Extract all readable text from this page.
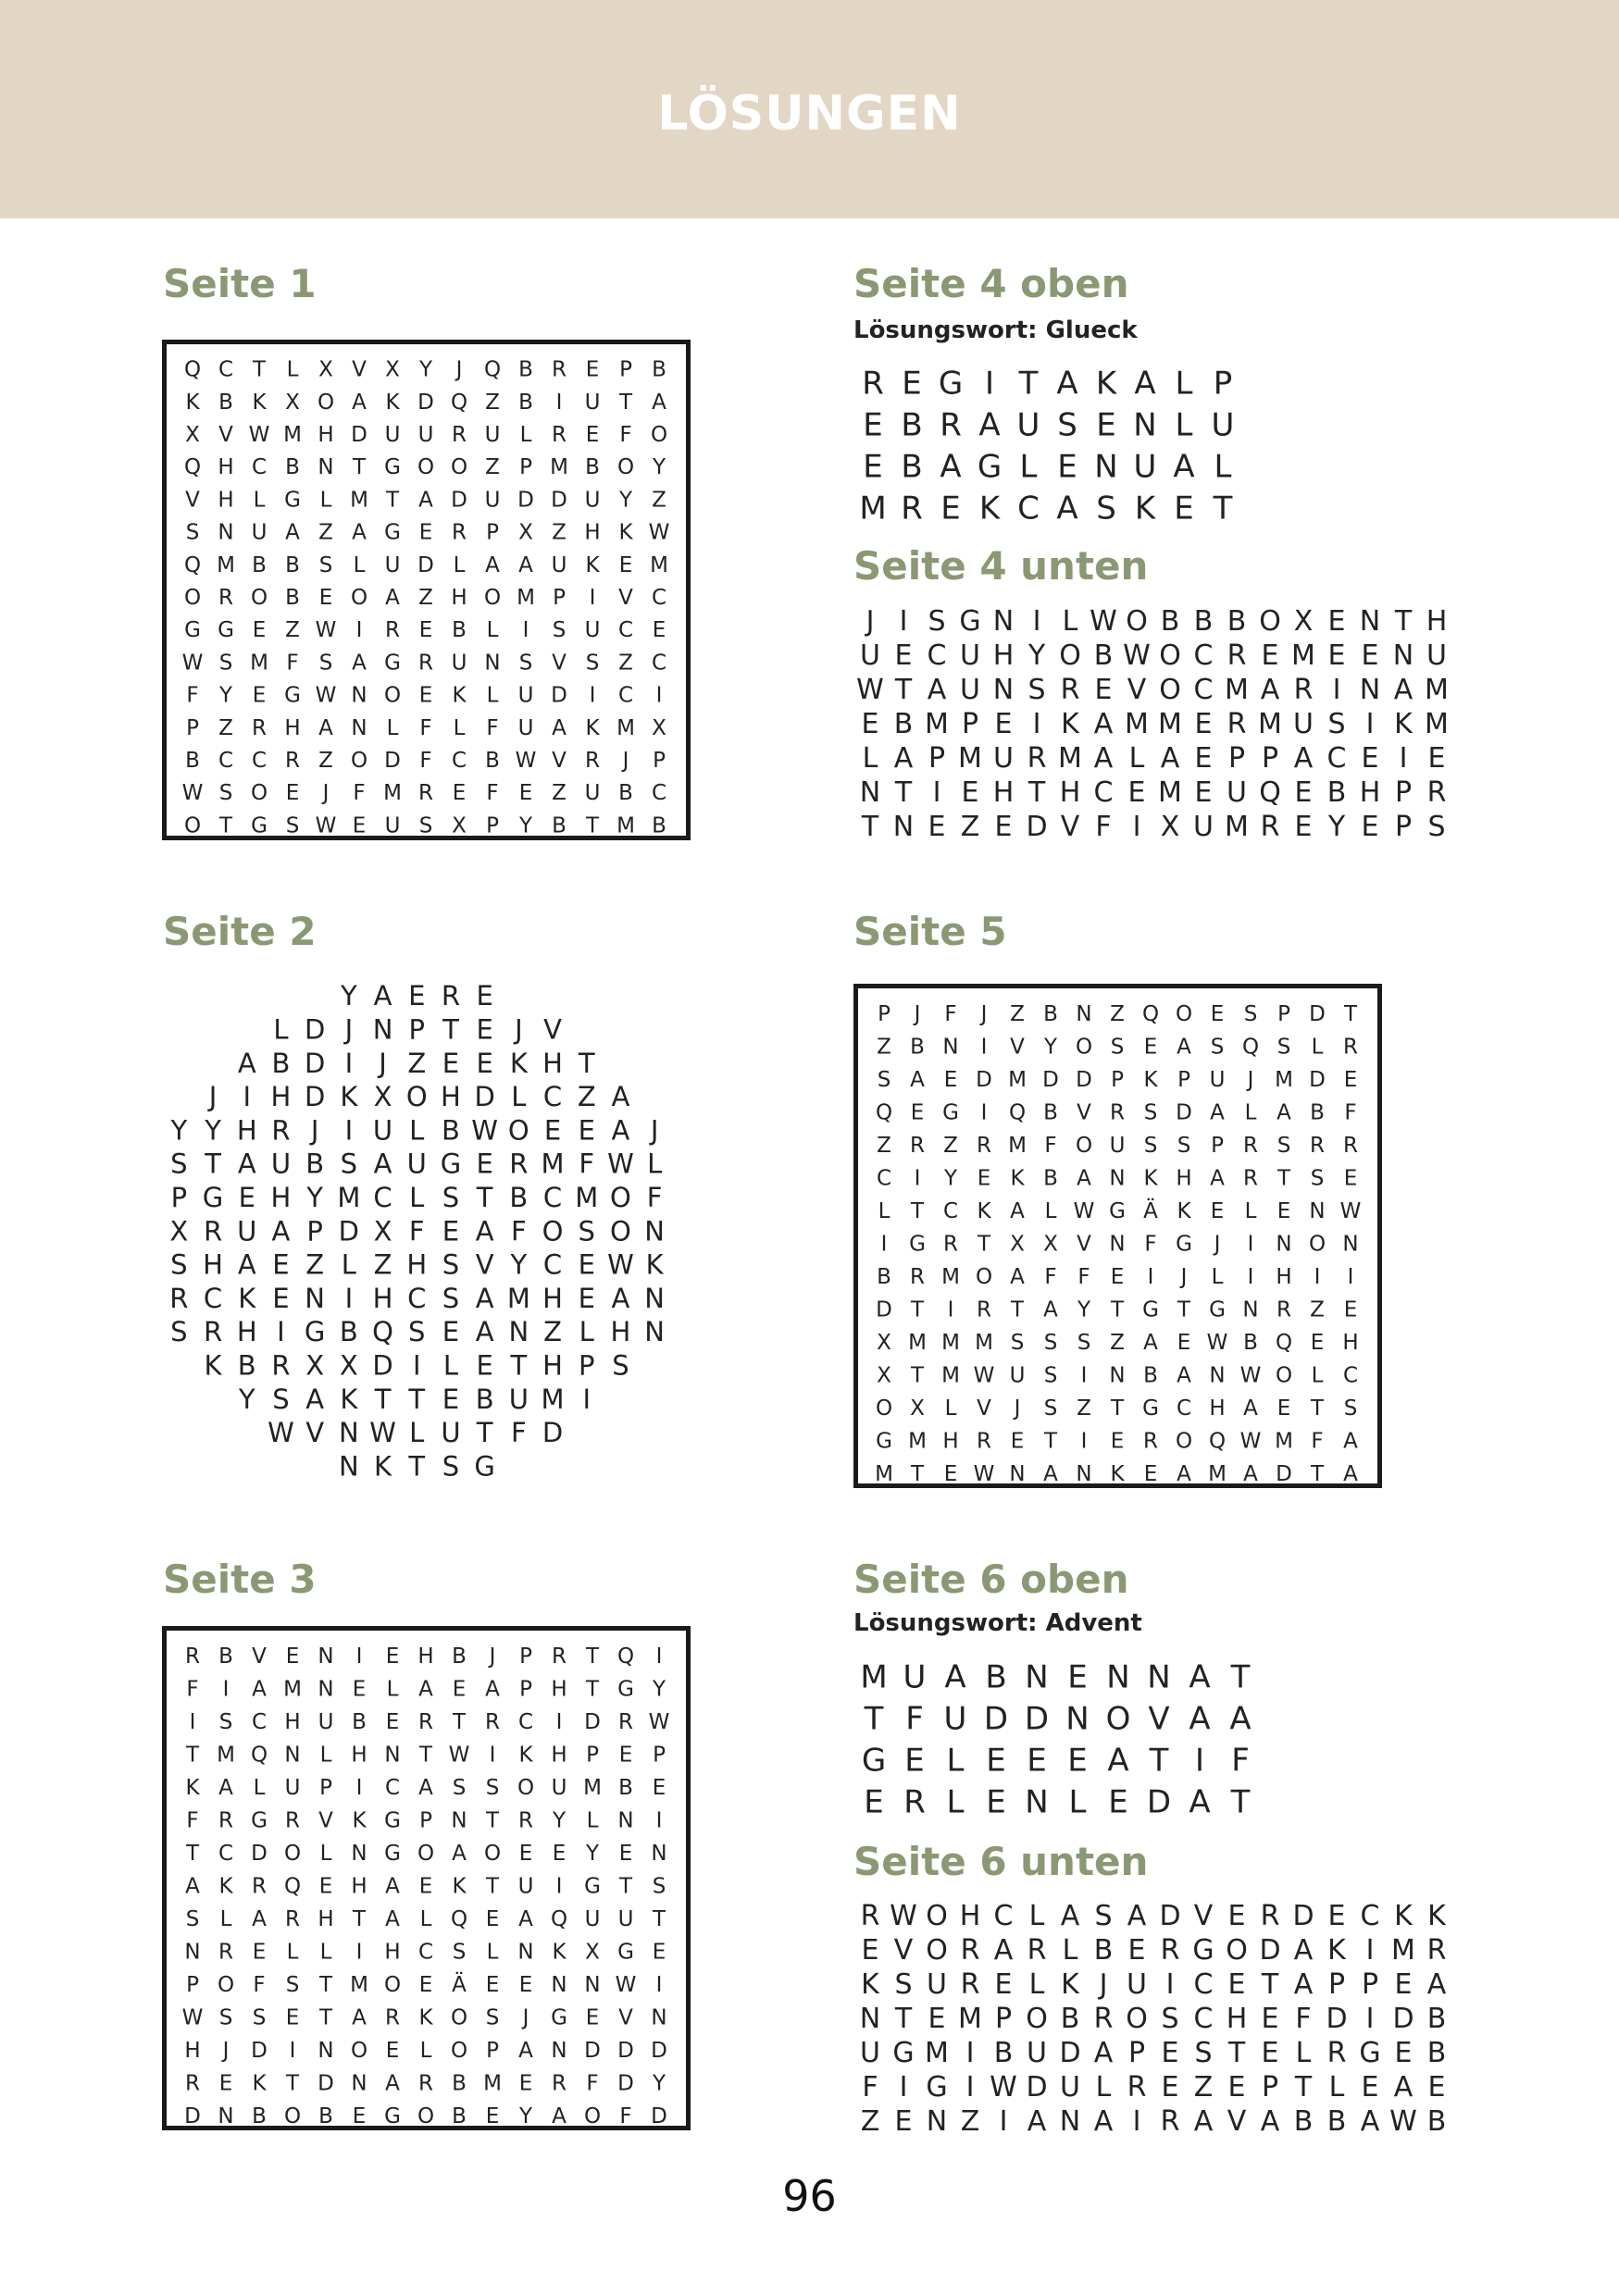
LÖSUNGEN
Seite 1
Q C T L X V X Y J Q B R E P B
K B K X O A K D Q Z B I U T A
X V W M H D U U R U L R E F O
Q H C B N T G O O Z P M B O Y
V H L G L M T A D U D D U Y Z
S N U A Z A G E R P X Z H K W
Q M B B S L U D L A A U K E M
O R O B E O A Z H O M P I V C
G G E Z W I R E B L I S U C E
W S M F S A G R U N S V S Z C
F Y E G W N O E K L U D I C I
P Z R H A N L F L F U A K M X
B C C R Z O D F C B W V R J P
W S O E J F M R E F E Z U B C
O T G S W E U S X P Y B T M B
Seite 2
Y A E R E
L D J N P T E J V
A B D I J Z E E K H T
J I H D K X O H D L C Z A
Y Y H R J I U L B W O E E A J
S T A U B S A U G E R M F W L
P G E H Y M C L S T B C M O F
X R U A P D X F E A F O S O N
S H A E Z L Z H S V Y C E W K
R C K E N I H C S A M H E A N
S R H I G B Q S E A N Z L H N
K B R X X D I L E T H P S
Y S A K T T E B U M I
W V N W L U T F D
N K T S G
Seite 3
R B V E N I E H B J P R T Q I
F I A M N E L A E A P H T G Y
I S C H U B E R T R C I D R W
T M Q N L H N T W I K H P E P
K A L U P I C A S S O U M B E
F R G R V K G P N T R Y L N I
T C D O L N G O A O E E Y E N
A K R Q E H A E K T U I G T S
S L A R H T A L Q E A Q U U T
N R E L L I H C S L N K X G E
P O F S T M O E Ä E E N N W I
W S S E T A R K O S J G E V N
H J D I N O E L O P A N D D D
R E K T D N A R B M E R F D Y
D N B O B E G O B E Y A O F D
Seite 4 oben

Lösungswort: Glueck

R E G I T A K A L P
E B R A U S E N L U
E B A G L E N U A L
M R E K C A S K E T
Seite 4 unten
J I S G N I L W O B B B O X E N T H
U E C U H Y O B W O C R E M E E N U
W T A U N S R E V O C M A R I N A M
E B M P E I K A M M E R M U S I K M
L A P M U R M A L A E P P A C E I E
N T I E H T H C E M E U Q E B H P R
T N E Z E D V F I X U M R E Y E P S
Seite 5
P J F J Z B N Z Q O E S P D T
Z B N I V Y O S E A S Q S L R
S A E D M D D P K P U J M D E
Q E G I Q B V R S D A L A B F
Z R Z R M F O U S S P R S R R
C I Y E K B A N K H A R T S E
L T C K A L W G Ä K E L E N W
I G R T X X V N F G J I N O N
B R M O A F F E I J L I H I I
D T I R T A Y T G T G N R Z E
X M M M S S S Z A E W B Q E H
X T M W U S I N B A N W O L C
O X L V J S Z T G C H A E T S
G M H R E T I E R O Q W M F A
M T E W N A N K E A M A D T A
Seite 6 oben

Lösungswort: Advent

M U A B N E N N A T
T F U D D N O V A A
G E L E E E A T I F
E R L E N L E D A T
Seite 6 unten
R W O H C L A S A D V E R D E C K K
E V O R A R L B E R G O D A K I M R
K S U R E L K J U I C E T A P P E A
N T E M P O B R O S C H E F D I D B
U G M I B U D A P E S T E L R G E B
F I G I W D U L R E Z E P T L E A E
Z E N Z I A N A I R A V A B B A W B
96
